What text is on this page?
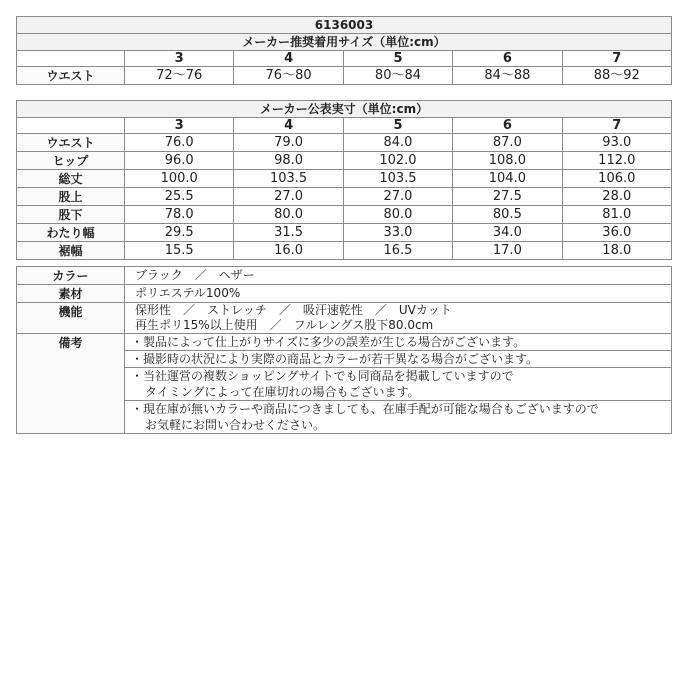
6136003					
メーカー推奨着用サイズ（単位:cm）					
	3	4	5	6	7
ウエスト	72〜76	76〜80	80〜84	84〜88	88〜92
メーカー公表実寸（単位:cm）					
	3	4	5	6	7
ウエスト	76.0	79.0	84.0	87.0	93.0
ヒップ	96.0	98.0	102.0	108.0	112.0
総丈	100.0	103.5	103.5	104.0	106.0
股上	25.5	27.0	27.0	27.5	28.0
股下	78.0	80.0	80.0	80.5	81.0
わたり幅	29.5	31.5	33.0	34.0	36.0
裾幅	15.5	16.0	16.5	17.0	18.0
カラー	ブラック　／　ヘザー
素材	ポリエステル100%
機能	保形性　／　ストレッチ　／　吸汗速乾性　／　UVカット
再生ポリ15%以上使用　／　フルレングス股下80.0cm

備考	・製品によって仕上がりサイズに多少の誤差が生じる場合がございます。

	・撮影時の状況により実際の商品とカラーが若干異なる場合がございます。

	・当社運営の複数ショッピングサイトでも同商品を掲載していますので
タイミングによって在庫切れの場合もございます。

	・現在庫が無いカラーや商品につきましても、在庫手配が可能な場合もございますので
お気軽にお問い合わせください。
